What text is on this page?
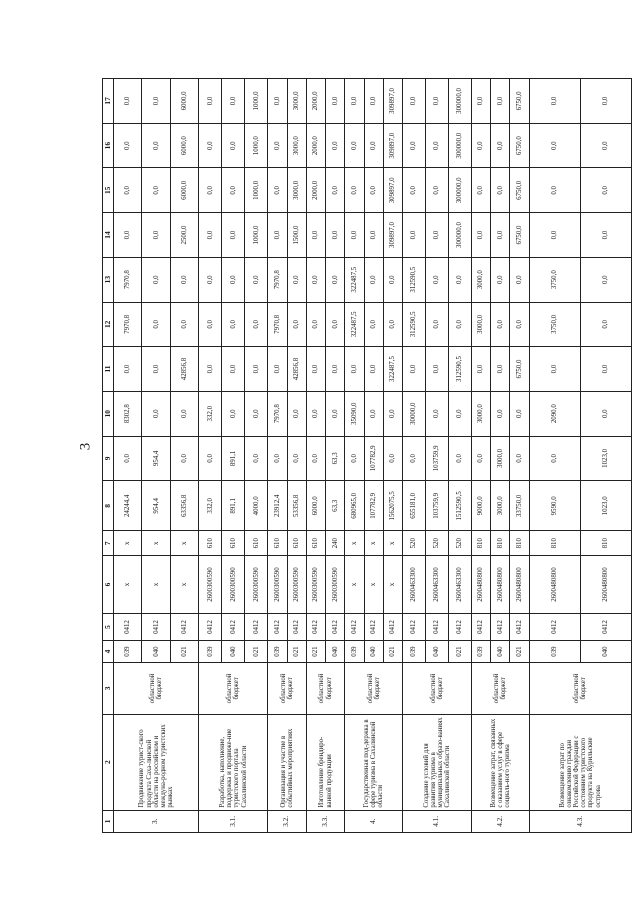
3
1	2	3	4	5	6	7	8	9	10	11	12	13	14	15	16	17
3.	Продвижение турист-ского продукта Саха-линской области на российском и междуна-родном туристских рынках	областной бюджет	039	0412	x	x	24244,4	0,0	8302,8	0,0	7970,8	7970,8	0,0	0,0	0,0	0,0
			040	0412	x	x	954,4	954,4	0,0	0,0	0,0	0,0	0,0	0,0	0,0	0,0
			021	0412	x	x	63356,8	0,0	0,0	42856,8	0,0	0,0	2500,0	6000,0	6000,0	6000,0
3.1.	Разработка, наполнение, поддержка и продвиже-ние туристского портала Сахалинской области	областной бюджет	039	0412	2600300590	610	332,0	0,0	332,0	0,0	0,0	0,0	0,0	0,0	0,0	0,0
			040	0412	2600300590	610	891,1	891,1	0,0	0,0	0,0	0,0	0,0	0,0	0,0	0,0
			021	0412	2600300590	610	4000,0	0,0	0,0	0,0	0,0	0,0	1000,0	1000,0	1000,0	1000,0
3.2.	Организация и участие в событийных мероприятиях	областной бюджет	039	0412	2600300590	610	23912,4	0,0	7970,8	0,0	7970,8	7970,8	0,0	0,0	0,0	0,0
			021	0412	2600300590	610	53356,8	0,0	0,0	42856,8	0,0	0,0	1500,0	3000,0	3000,0	3000,0
3.3.	Изготовление брендиро-ванной продукции	областной бюджет	021	0412	2600300590	610	6000,0	0,0	0,0	0,0	0,0	0,0	0,0	2000,0	2000,0	2000,0
			040	0412	2600300590	240	63,3	63,3	0,0	0,0	0,0	0,0	0,0	0,0	0,0	0,0
4.	Государственная под-держка в сфере туризма в Сахалинской области	областной бюджет	039	0412	x	x	680965,0	0,0	35090,0	0,0	322487,5	322487,5	0,0	0,0	0,0	0,0
			040	0412	x	x	107782,9	107782,9	0,0	0,0	0,0	0,0	0,0	0,0	0,0	0,0
			021	0412	x	x	1562075,5	0,0	0,0	322487,5	0,0	0,0	309897,0	309897,0	309897,0	309897,0
4.1.	Создание условий для развития туризма в муниципальных образо-ваниях Сахалинской области	областной бюджет	039	0412	2600463300	520	655181,0	0,0	30000,0	0,0	312590,5	312590,5	0,0	0,0	0,0	0,0
			040	0412	2600463300	520	103759,9	103759,9	0,0	0,0	0,0	0,0	0,0	0,0	0,0	0,0
			021	0412	2600463300	520	1512590,5	0,0	0,0	312590,5	0,0	0,0	300000,0	300000,0	300000,0	300000,0
4.2.	Возмещение затрат, связанных с оказанием услуг в сфере социаль-ного туризма	областной бюджет	039	0412	2600480800	810	9000,0	0,0	3000,0	0,0	3000,0	3000,0	0,0	0,0	0,0	0,0
			040	0412	2600480800	810	3000,0	3000,0	0,0	0,0	0,0	0,0	0,0	0,0	0,0	0,0
			021	0412	2600480800	810	33750,0	0,0	0,0	6750,0	0,0	0,0	6750,0	6750,0	6750,0	6750,0
4.3.	Возмещение затрат по ознакомлению граждан Российской Федерации с состоянием туристского продукта на Курильские острова	областной бюджет	039	0412	2600480800	810	9590,0	0,0	2090,0	0,0	3750,0	3750,0	0,0	0,0	0,0	0,0
			040	0412	2600480800	810	1023,0	1023,0	0,0	0,0	0,0	0,0	0,0	0,0	0,0	0,0
